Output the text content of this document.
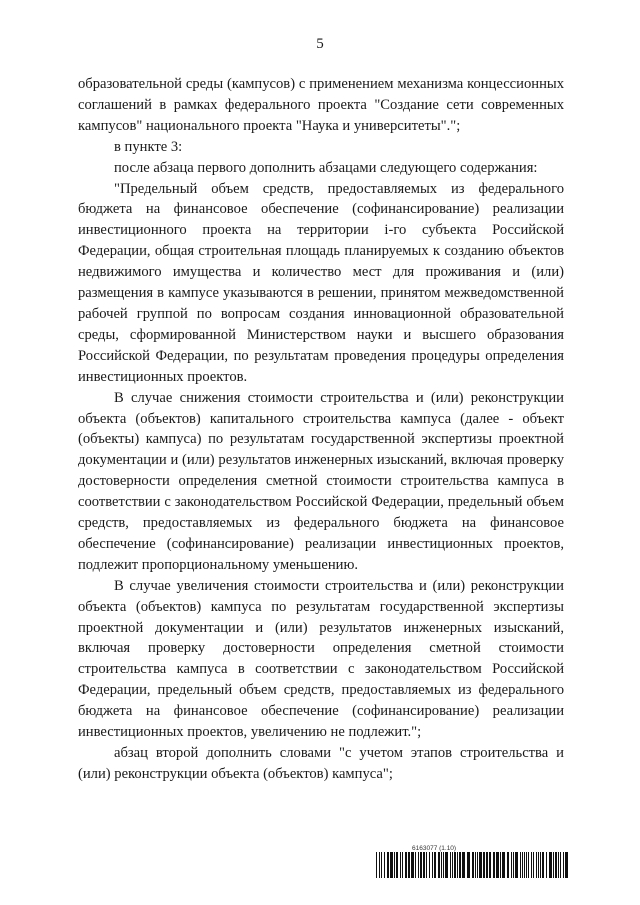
5

образовательной среды (кампусов) с применением механизма концессионных соглашений в рамках федерального проекта "Создание сети современных кампусов" национального проекта "Наука и университеты".";

в пункте 3:

после абзаца первого дополнить абзацами следующего содержания:

"Предельный объем средств, предоставляемых из федерального бюджета на финансовое обеспечение (софинансирование) реализации инвестиционного проекта на территории i-го субъекта Российской Федерации, общая строительная площадь планируемых к созданию объектов недвижимого имущества и количество мест для проживания и (или) размещения в кампусе указываются в решении, принятом межведомственной рабочей группой по вопросам создания инновационной образовательной среды, сформированной Министерством науки и высшего образования Российской Федерации, по результатам проведения процедуры определения инвестиционных проектов.

В случае снижения стоимости строительства и (или) реконструкции объекта (объектов) капитального строительства кампуса (далее - объект (объекты) кампуса) по результатам государственной экспертизы проектной документации и (или) результатов инженерных изысканий, включая проверку достоверности определения сметной стоимости строительства кампуса в соответствии с законодательством Российской Федерации, предельный объем средств, предоставляемых из федерального бюджета на финансовое обеспечение (софинансирование) реализации инвестиционных проектов, подлежит пропорциональному уменьшению.

В случае увеличения стоимости строительства и (или) реконструкции объекта (объектов) кампуса по результатам государственной экспертизы проектной документации и (или) результатов инженерных изысканий, включая проверку достоверности определения сметной стоимости строительства кампуса в соответствии с законодательством Российской Федерации, предельный объем средств, предоставляемых из федерального бюджета на финансовое обеспечение (софинансирование) реализации инвестиционных проектов, увеличению не подлежит.";

абзац второй дополнить словами "с учетом этапов строительства и (или) реконструкции объекта (объектов) кампуса";

6163077 (1.10)
